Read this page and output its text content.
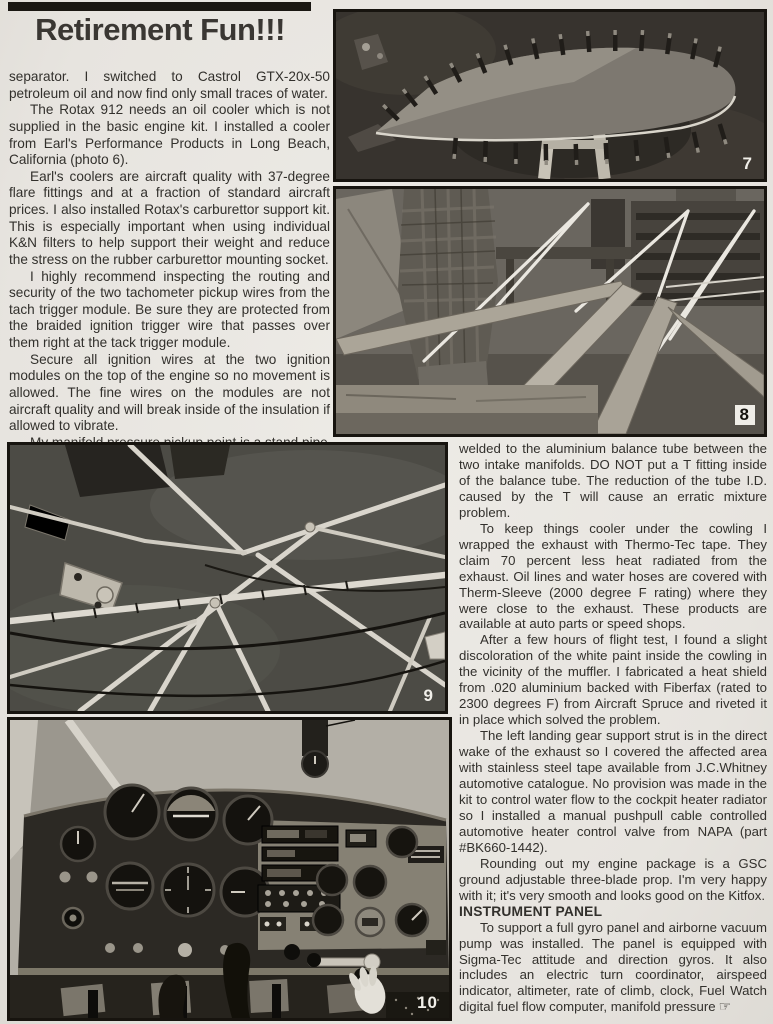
Retirement Fun!!!

separator. I switched to Castrol GTX-20x-50 petroleum oil and now find only small traces of water.

The Rotax 912 needs an oil cooler which is not supplied in the basic engine kit. I installed a cooler from Earl's Performance Products in Long Beach, California (photo 6).

Earl's coolers are aircraft quality with 37-degree flare fittings and at a fraction of standard aircraft prices. I also installed Rotax's carburettor support kit. This is especially important when using individual K&N filters to help support their weight and reduce the stress on the rubber carburettor mounting socket.

I highly recommend inspecting the routing and security of the two tachometer pickup wires from the tach trigger module. Be sure they are protected from the braided ignition trigger wire that passes over them right at the tack trigger module.

Secure all ignition wires at the two ignition modules on the top of the engine so no movement is allowed. The fine wires on the modules are not aircraft quality and will break inside of the insulation if allowed to vibrate.

7
8
9
10

welded to the aluminium balance tube between the two intake manifolds. DO NOT put a T fitting inside of the balance tube. The reduction of the tube I.D. caused by the T will cause an erratic mixture problem.

To keep things cooler under the cowling I wrapped the exhaust with Thermo-Tec tape. They claim 70 percent less heat radiated from the exhaust. Oil lines and water hoses are covered with Therm-Sleeve (2000 degree F rating) where they were close to the exhaust. These products are available at auto parts or speed shops.

After a few hours of flight test, I found a slight discoloration of the white paint inside the cowling in the vicinity of the muffler. I fabricated a heat shield from .020 aluminium backed with Fiberfax (rated to 2300 degrees F) from Aircraft Spruce and riveted it in place which solved the problem.

The left landing gear support strut is in the direct wake of the exhaust so I covered the affected area with stainless steel tape available from J.C.Whitney automotive catalogue. No provision was made in the kit to control water flow to the cockpit heater radiator so I installed a manual pushpull cable controlled automotive heater control valve from NAPA (part #BK660-1442).

Rounding out my engine package is a GSC ground adjustable three-blade prop. I'm very happy with it; it's very smooth and looks good on the Kitfox.

INSTRUMENT PANEL

To support a full gyro panel and airborne vacuum pump was installed. The panel is equipped with Sigma-Tec attitude and direction gyros. It also includes an electric turn coordinator, airspeed indicator, altimeter, rate of climb, clock, Fuel Watch digital fuel flow computer, manifold pressure ☞
